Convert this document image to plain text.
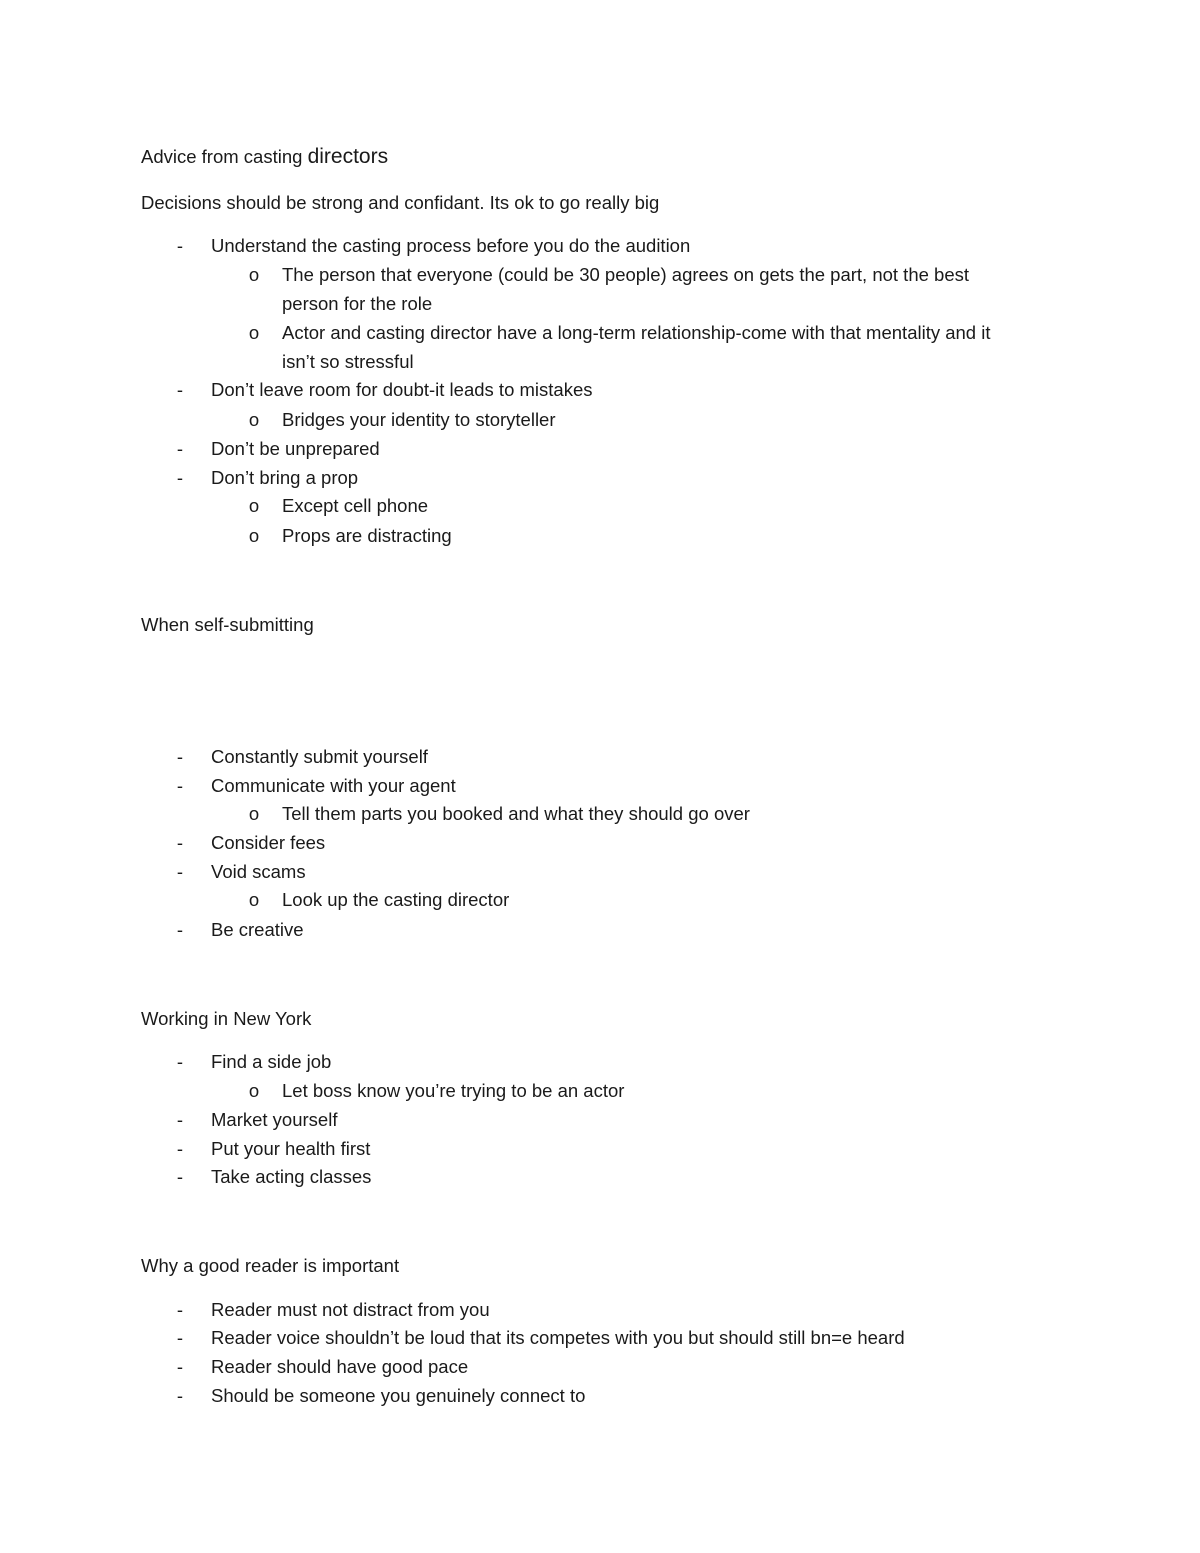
Advice from casting directors
Decisions should be strong and confidant. Its ok to go really big
- Understand the casting process before you do the audition
o The person that everyone (could be 30 people) agrees on gets the part, not the best
person for the role
o Actor and casting director have a long-term relationship-come with that mentality and it
isn’t so stressful
- Don’t leave room for doubt-it leads to mistakes
o Bridges your identity to storyteller
- Don’t be unprepared
- Don’t bring a prop
o Except cell phone
o Props are distracting
When self-submitting
- Constantly submit yourself
- Communicate with your agent
o Tell them parts you booked and what they should go over
- Consider fees
- Void scams
o Look up the casting director
- Be creative
Working in New York
- Find a side job
o Let boss know you’re trying to be an actor
- Market yourself
- Put your health first
- Take acting classes
Why a good reader is important
- Reader must not distract from you
- Reader voice shouldn’t be loud that its competes with you but should still bn=e heard
- Reader should have good pace
- Should be someone you genuinely connect to
